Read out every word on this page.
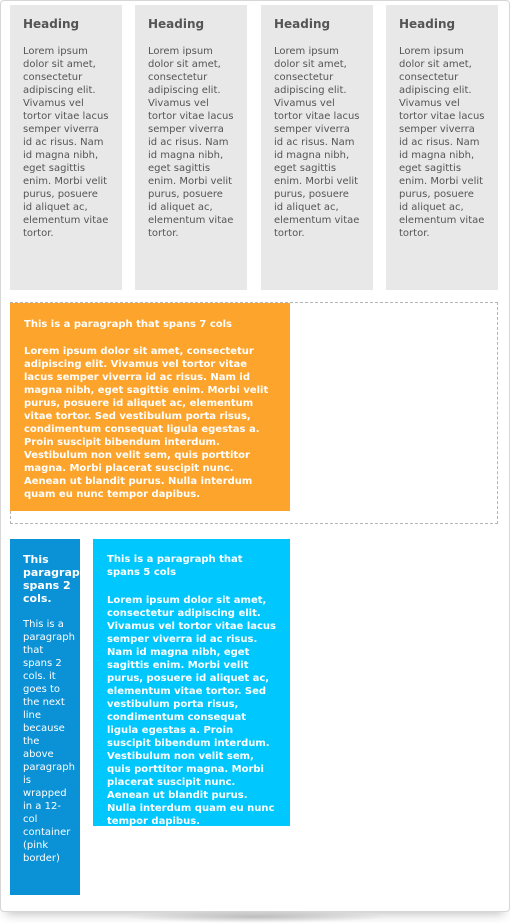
Heading

Lorem ipsum dolor sit amet, consectetur adipiscing elit. Vivamus vel tortor vitae lacus semper viverra id ac risus. Nam id magna nibh, eget sagittis enim. Morbi velit purus, posuere id aliquet ac, elementum vitae tortor.

Heading

Lorem ipsum dolor sit amet, consectetur adipiscing elit. Vivamus vel tortor vitae lacus semper viverra id ac risus. Nam id magna nibh, eget sagittis enim. Morbi velit purus, posuere id aliquet ac, elementum vitae tortor.

Heading

Lorem ipsum dolor sit amet, consectetur adipiscing elit. Vivamus vel tortor vitae lacus semper viverra id ac risus. Nam id magna nibh, eget sagittis enim. Morbi velit purus, posuere id aliquet ac, elementum vitae tortor.

Heading

Lorem ipsum dolor sit amet, consectetur adipiscing elit. Vivamus vel tortor vitae lacus semper viverra id ac risus. Nam id magna nibh, eget sagittis enim. Morbi velit purus, posuere id aliquet ac, elementum vitae tortor.

This is a paragraph that spans 7 cols

Lorem ipsum dolor sit amet, consectetur adipiscing elit. Vivamus vel tortor vitae lacus semper viverra id ac risus. Nam id magna nibh, eget sagittis enim. Morbi velit purus, posuere id aliquet ac, elementum vitae tortor. Sed vestibulum porta risus, condimentum consequat ligula egestas a. Proin suscipit bibendum interdum. Vestibulum non velit sem, quis porttitor magna. Morbi placerat suscipit nunc. Aenean ut blandit purus. Nulla interdum quam eu nunc tempor dapibus.

This
paragraph
spans 2
cols.

This is a
paragraph
that
spans 2
cols. it
goes to
the next
line
because
the
above
paragraph
is
wrapped
in a 12-
col
container
(pink
border)

This is a paragraph that spans 5 cols

Lorem ipsum dolor sit amet, consectetur adipiscing elit. Vivamus vel tortor vitae lacus semper viverra id ac risus. Nam id magna nibh, eget sagittis enim. Morbi velit purus, posuere id aliquet ac, elementum vitae tortor. Sed vestibulum porta risus, condimentum consequat ligula egestas a. Proin suscipit bibendum interdum. Vestibulum non velit sem, quis porttitor magna. Morbi placerat suscipit nunc. Aenean ut blandit purus. Nulla interdum quam eu nunc tempor dapibus.
